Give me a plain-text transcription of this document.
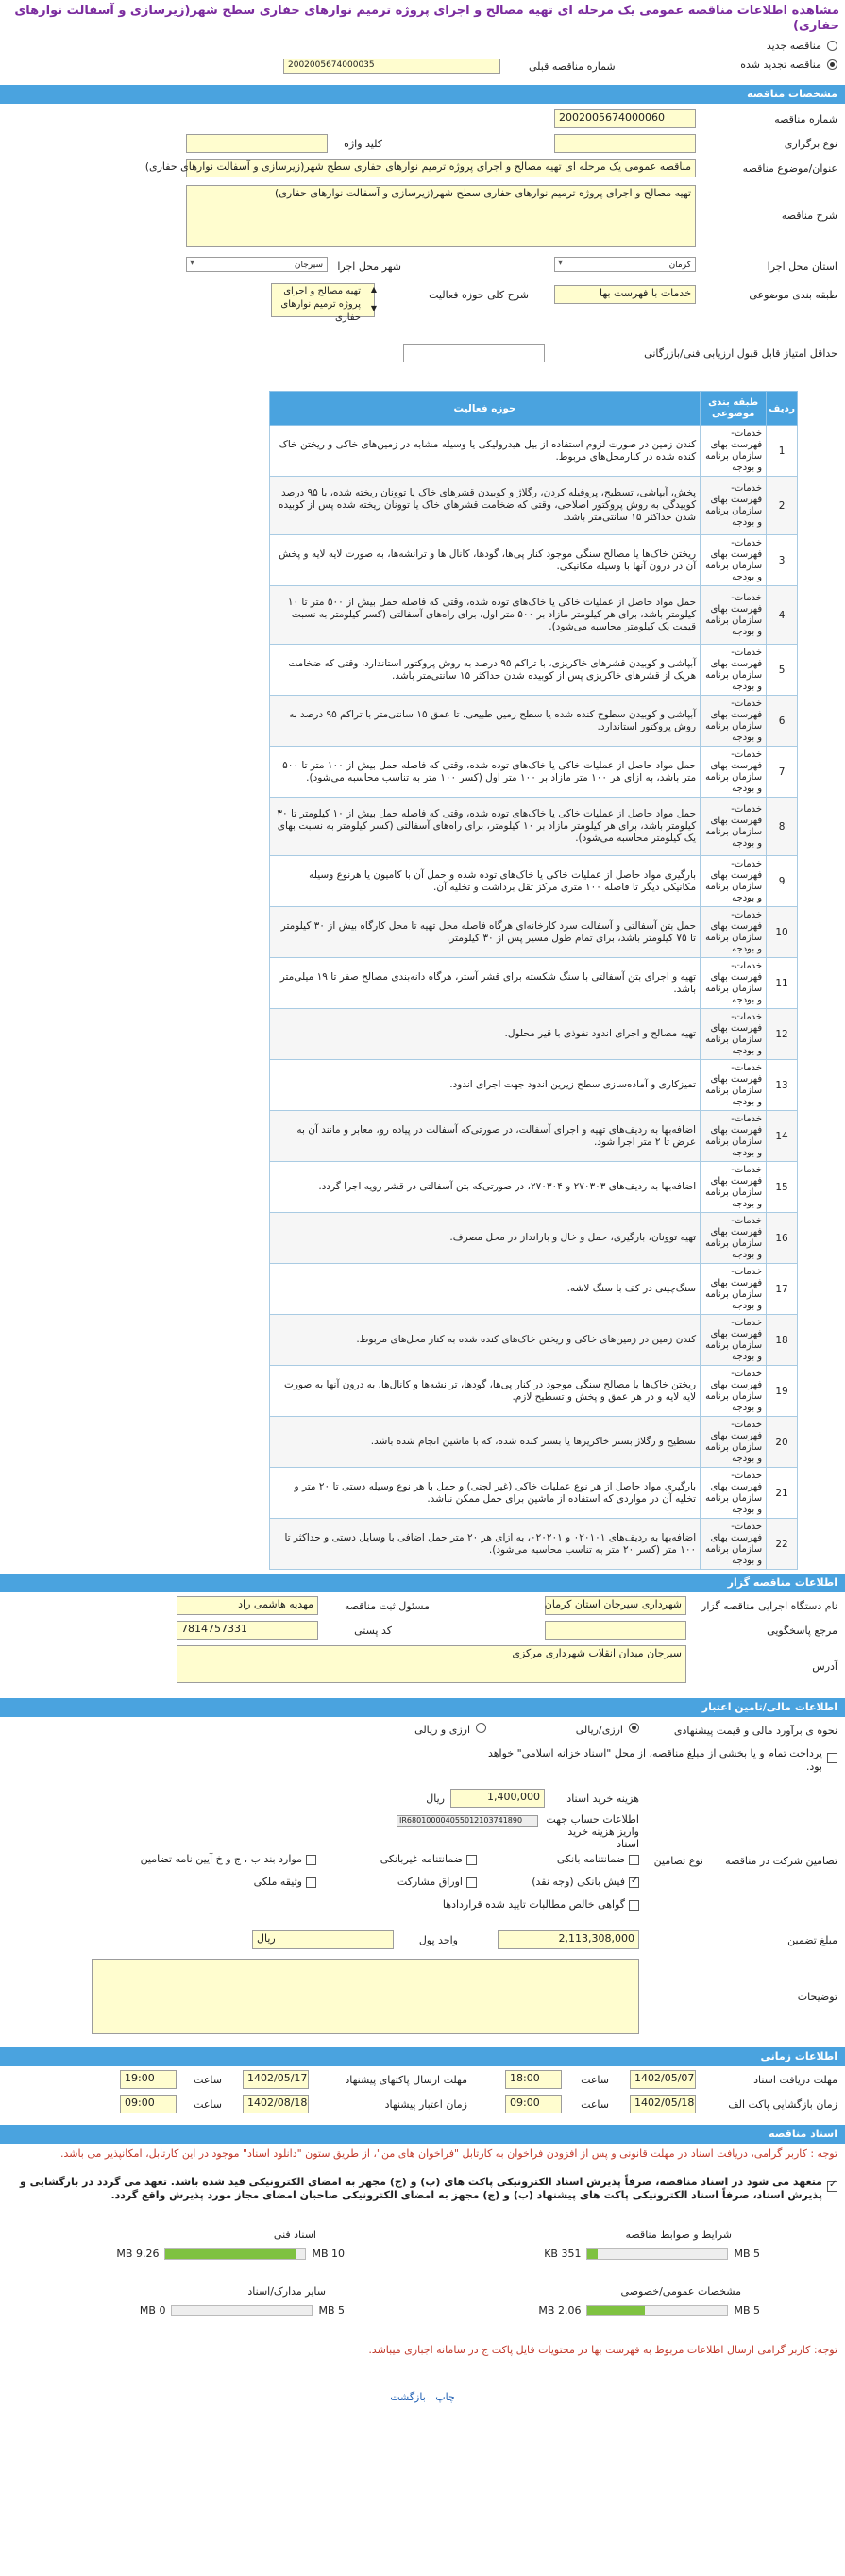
مشاهده اطلاعات مناقصه عمومی یک مرحله ای تهیه مصالح و اجرای پروژه ترمیم نوارهای حفاری سطح شهر(زیرسازی و آسفالت نوارهای حفاری)
مناقصه جدید
مناقصه تجدید شده
شماره مناقصه قبلی
2002005674000035
مشخصات مناقصه
شماره مناقصه
2002005674000060
نوع برگزاری
کلید واژه
عنوان/موضوع مناقصه
مناقصه عمومی یک مرحله ای تهیه مصالح و اجرای پروژه ترمیم نوارهای حفاری سطح شهر(زیرسازی و آسفالت نوارهای حفاری)
شرح مناقصه
تهیه مصالح و اجرای پروژه ترمیم نوارهای حفاری سطح شهر(زیرسازی و آسفالت نوارهای حفاری)
استان محل اجرا
کرمان ▾
شهر محل اجرا
سیرجان ▾
طبقه بندی موضوعی
خدمات با فهرست بها
شرح کلی حوزه فعالیت
تهیه مصالح و اجرای پروژه ترمیم نوارهای حفاری
▲
▼
حداقل امتیاز قابل قبول ارزیابی فنی/بازرگانی
ردیف	طبقه بندی موضوعی	حوزه فعالیت
1	خدمات-فهرست بهای سازمان برنامه و بودجه	کندن زمین در صورت لزوم استفاده از بیل هیدرولیکی یا وسیله مشابه در زمین‌های خاکی و ریختن خاک کنده شده در کنارمحل‌های مربوط.
2	خدمات-فهرست بهای سازمان برنامه و بودجه	پخش، آبپاشی، تسطیح، پروفیله کردن، رگلاژ و کوبیدن قشرهای خاک یا توونان ریخته شده، با ۹۵ درصد کوبیدگی به روش پروکتور اصلاحی، وقتی که ضخامت قشرهای خاک یا توونان ریخته شده پس از کوبیده شدن حداکثر ۱۵ سانتی‌متر باشد.
3	خدمات-فهرست بهای سازمان برنامه و بودجه	ریختن خاک‌ها یا مصالح سنگی موجود کنار پی‌ها، گودها، کانال ها و ترانشه‌ها، به صورت لایه لایه و پخش آن در درون آنها با وسیله مکانیکی.
4	خدمات-فهرست بهای سازمان برنامه و بودجه	حمل مواد حاصل از عملیات خاکی یا خاک‌های توده شده، وقتی که فاصله حمل بیش از ۵۰۰ متر تا ۱۰ کیلومتر باشد، برای هر کیلومتر مازاد بر ۵۰۰ متر اول، برای راه‌های آسفالتی (کسر کیلومتر به نسبت قیمت یک کیلومتر محاسبه می‌شود).
5	خدمات-فهرست بهای سازمان برنامه و بودجه	آبپاشی و کوبیدن قشرهای خاکریزی، با تراکم ۹۵ درصد به روش پروکتور استاندارد، وقتی که ضخامت هریک از قشرهای خاکریزی پس از کوبیده شدن حداکثر ۱۵ سانتی‌متر باشد.
6	خدمات-فهرست بهای سازمان برنامه و بودجه	آبپاشی و کوبیدن سطوح کنده شده یا سطح زمین طبیعی، تا عمق ۱۵ سانتی‌متر با تراکم ۹۵ درصد به روش پروکتور استاندارد.
7	خدمات-فهرست بهای سازمان برنامه و بودجه	حمل مواد حاصل از عملیات خاکی یا خاک‌های توده شده، وقتی که فاصله حمل بیش از ۱۰۰ متر تا ۵۰۰ متر باشد، به ازای هر ۱۰۰ متر مازاد بر ۱۰۰ متر اول (کسر ۱۰۰ متر به تناسب محاسبه می‌شود).
8	خدمات-فهرست بهای سازمان برنامه و بودجه	حمل مواد حاصل از عملیات خاکی یا خاک‌های توده شده، وقتی که فاصله حمل بیش از ۱۰ کیلومتر تا ۳۰ کیلومتر باشد، برای هر کیلومتر مازاد بر ۱۰ کیلومتر، برای راه‌های آسفالتی (کسر کیلومتر به نسبت بهای یک کیلومتر محاسبه می‌شود).
9	خدمات-فهرست بهای سازمان برنامه و بودجه	بارگیری مواد حاصل از عملیات خاکی یا خاک‌های توده شده و حمل آن با کامیون یا هرنوع وسیله مکانیکی دیگر تا فاصله ۱۰۰ متری مرکز ثقل برداشت و تخلیه آن.
10	خدمات-فهرست بهای سازمان برنامه و بودجه	حمل بتن آسفالتی و آسفالت سرد کارخانه‌ای هرگاه فاصله محل تهیه تا محل کارگاه بیش از ۳۰ کیلومتر تا ۷۵ کیلومتر باشد، برای تمام طول مسیر پس از ۳۰ کیلومتر.
11	خدمات-فهرست بهای سازمان برنامه و بودجه	تهیه و اجرای بتن آسفالتی با سنگ شکسته برای قشر آستر، هرگاه دانه‌بندی مصالح صفر تا ۱۹ میلی‌متر باشد.
12	خدمات-فهرست بهای سازمان برنامه و بودجه	تهیه مصالح و اجرای اندود نفوذی با قیر محلول.
13	خدمات-فهرست بهای سازمان برنامه و بودجه	تمیزکاری و آماده‌سازی سطح زیرین اندود جهت اجرای اندود.
14	خدمات-فهرست بهای سازمان برنامه و بودجه	اضافه‌بها به ردیف‌های تهیه و اجرای آسفالت، در صورتی‌که آسفالت در پیاده رو، معابر و مانند آن به عرض تا ۲ متر اجرا شود.
15	خدمات-فهرست بهای سازمان برنامه و بودجه	اضافه‌بها به ردیف‌های ۲۷۰۳۰۳ و ۲۷۰۳۰۴، در صورتی‌که بتن آسفالتی در قشر رویه اجرا گردد.
16	خدمات-فهرست بهای سازمان برنامه و بودجه	تهیه توونان، بارگیری، حمل و خال و بارانداز در محل مصرف.
17	خدمات-فهرست بهای سازمان برنامه و بودجه	سنگ‌چینی در کف با سنگ لاشه.
18	خدمات-فهرست بهای سازمان برنامه و بودجه	کندن زمین در زمین‌های خاکی و ریختن خاک‌های کنده شده به کنار محل‌های مربوط.
19	خدمات-فهرست بهای سازمان برنامه و بودجه	ریختن خاک‌ها یا مصالح سنگی موجود در کنار پی‌ها، گودها، ترانشه‌ها و کانال‌ها، به درون آنها به صورت لایه لایه و در هر عمق و پخش و تسطیح لازم.
20	خدمات-فهرست بهای سازمان برنامه و بودجه	تسطیح و رگلاژ بستر خاکریزها یا بستر کنده شده، که با ماشین انجام شده باشد.
21	خدمات-فهرست بهای سازمان برنامه و بودجه	بارگیری مواد حاصل از هر نوع عملیات خاکی (غیر لجنی) و حمل با هر نوع وسیله دستی تا ۲۰ متر و تخلیه آن در مواردی که استفاده از ماشین برای حمل ممکن نباشد.
22	خدمات-فهرست بهای سازمان برنامه و بودجه	اضافه‌بها به ردیف‌های ۰۲۰۱۰۱ و ۰۲۰۲۰۱، به ازای هر ۲۰ متر حمل اضافی با وسایل دستی و حداکثر تا ۱۰۰ متر (کسر ۲۰ متر به تناسب محاسبه می‌شود).
اطلاعات مناقصه گزار
نام دستگاه اجرایی مناقصه گزار
شهرداری سیرجان استان کرمان
مسئول ثبت مناقصه
مهدیه هاشمی راد
مرجع پاسخگویی
کد پستی
7814757331
آدرس
سیرجان میدان انقلاب شهرداری مرکزی
اطلاعات مالی/تامین اعتبار
نحوه ی برآورد مالی و قیمت پیشنهادی
ارزی/ریالی
ارزی و ریالی
پرداخت تمام و یا بخشی از مبلغ مناقصه، از محل "اسناد خزانه اسلامی" خواهد بود.
هزینه خرید اسناد
1,400,000
ریال
اطلاعات حساب جهت واریز هزینه خرید اسناد
IR680100004055012103741890
تضامین شرکت در مناقصه
نوع تضامین
ضمانتنامه بانکی
ضمانتنامه غیربانکی
موارد بند ب ، ج و خ آیین نامه تضامین
✓فیش بانکی (وجه نقد)
اوراق مشارکت
وثیقه ملکی
گواهی خالص مطالبات تایید شده قراردادها
مبلغ تضمین
2,113,308,000
واحد پول
ریال
توضیحات
اطلاعات زمانی
مهلت دریافت اسناد
1402/05/07
ساعت
18:00
مهلت ارسال پاکتهای پیشنهاد
1402/05/17
ساعت
19:00
زمان بازگشایی پاکت الف
1402/05/18
ساعت
09:00
زمان اعتبار پیشنهاد
1402/08/18
ساعت
09:00
اسناد مناقصه
توجه : کاربر گرامی، دریافت اسناد در مهلت قانونی و پس از افزودن فراخوان به کارتابل "فراخوان های من"، از طریق ستون "دانلود اسناد" موجود در این کارتابل، امکانپذیر می باشد.
✓
متعهد می شود در اسناد مناقصه، صرفاً پذیرش اسناد الکترونیکی پاکت های (ب) و (ج) مجهز به امضای الکترونیکی قید شده باشد. تعهد می گردد در بارگشایی و پذیرش اسناد، صرفاً اسناد الکترونیکی پاکت های پیشنهاد (ب) و (ج) مجهز به امضای الکترونیکی صاحبان امضای مجاز مورد پذیرش واقع گردد.
شرایط و ضوابط مناقصه
5 MB
351 KB
اسناد فنی
10 MB
9.26 MB
مشخصات عمومی/خصوصی
5 MB
2.06 MB
سایر مدارک/اسناد
5 MB
0 MB
توجه: کاربر گرامی ارسال اطلاعات مربوط به فهرست بها در محتویات فایل پاکت ج در سامانه اجباری میباشد.
چاپ   بازگشت
